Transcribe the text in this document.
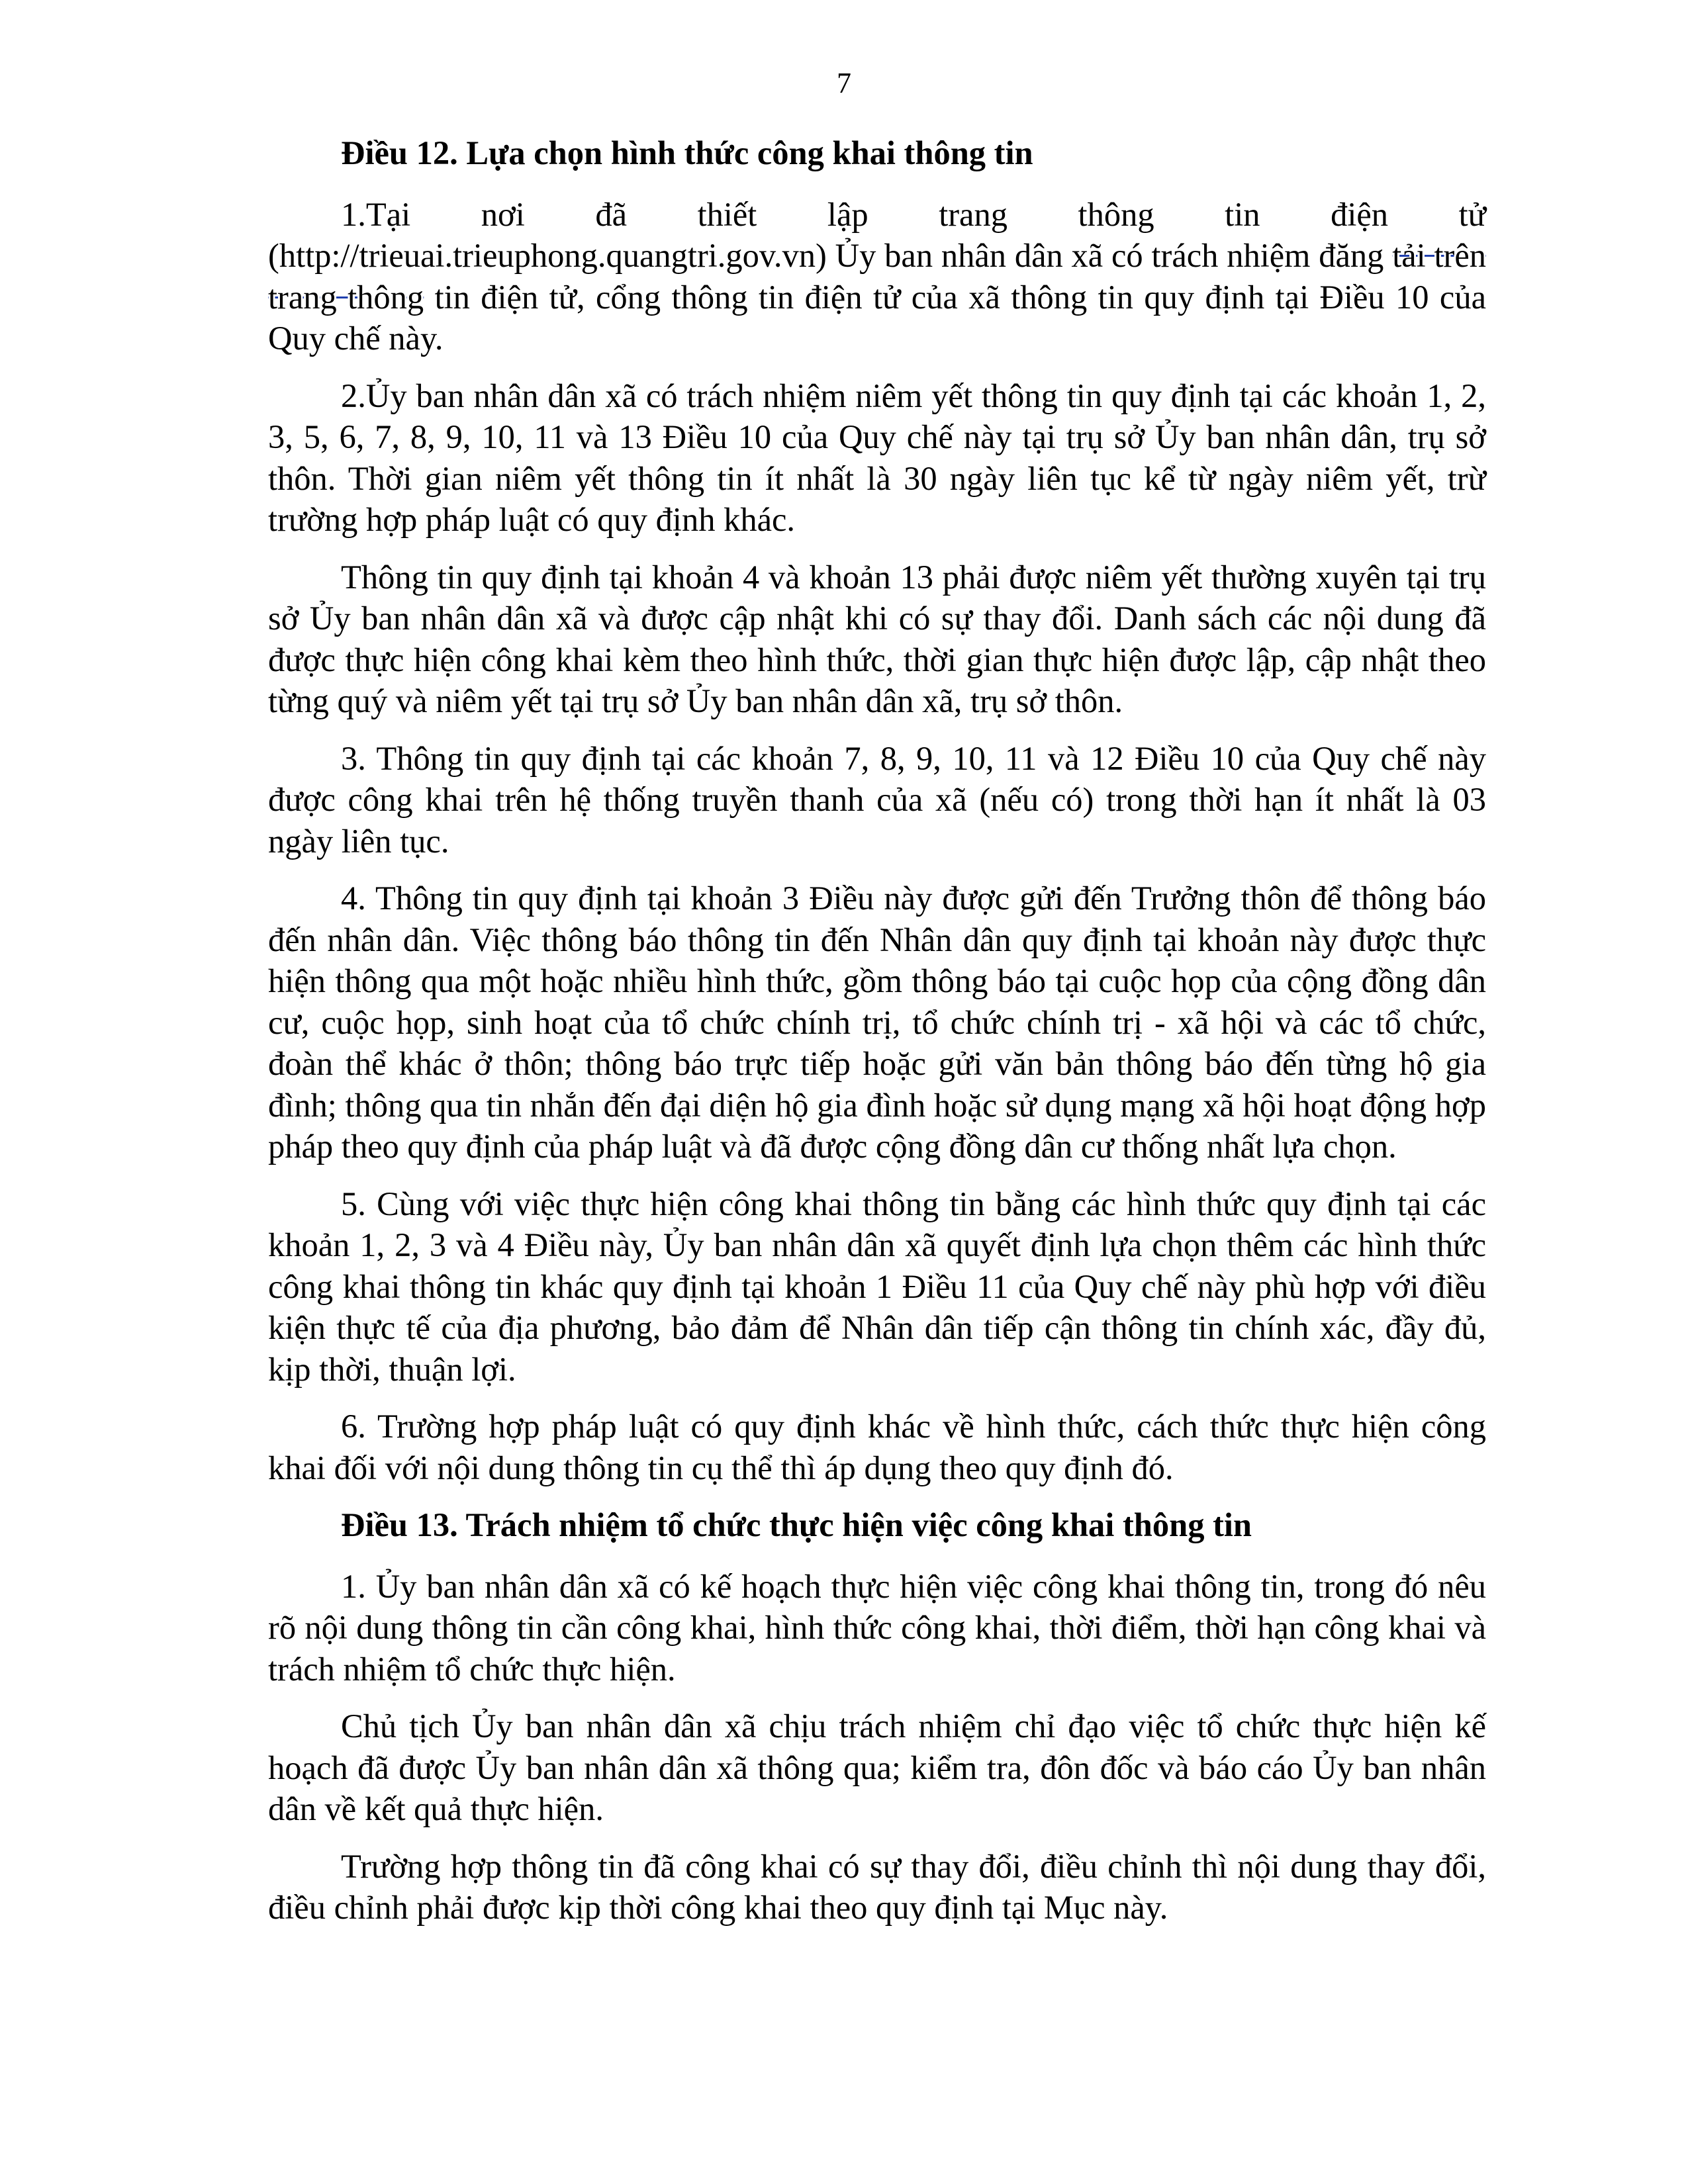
7
Điều 12. Lựa chọn hình thức công khai thông tin

1.Tại nơi đã thiết lập trang thông tin điện tử

(http://trieuai.trieuphong.quangtri.gov.vn) Ủy ban nhân dân xã có trách nhiệm đăng tải trên trang thông tin điện tử, cổng thông tin điện tử của xã thông tin quy định tại Điều 10 của Quy chế này.

2.Ủy ban nhân dân xã có trách nhiệm niêm yết thông tin quy định tại các khoản 1, 2, 3, 5, 6, 7, 8, 9, 10, 11 và 13 Điều 10 của Quy chế này tại trụ sở Ủy ban nhân dân, trụ sở thôn. Thời gian niêm yết thông tin ít nhất là 30 ngày liên tục kể từ ngày niêm yết, trừ trường hợp pháp luật có quy định khác.

Thông tin quy định tại khoản 4 và khoản 13 phải được niêm yết thường xuyên tại trụ sở Ủy ban nhân dân xã và được cập nhật khi có sự thay đổi. Danh sách các nội dung đã được thực hiện công khai kèm theo hình thức, thời gian thực hiện được lập, cập nhật theo từng quý và niêm yết tại trụ sở Ủy ban nhân dân xã, trụ sở thôn.

3. Thông tin quy định tại các khoản 7, 8, 9, 10, 11 và 12 Điều 10 của Quy chế này được công khai trên hệ thống truyền thanh của xã (nếu có) trong thời hạn ít nhất là 03 ngày liên tục.

4. Thông tin quy định tại khoản 3 Điều này được gửi đến Trưởng thôn để thông báo đến nhân dân. Việc thông báo thông tin đến Nhân dân quy định tại khoản này được thực hiện thông qua một hoặc nhiều hình thức, gồm thông báo tại cuộc họp của cộng đồng dân cư, cuộc họp, sinh hoạt của tổ chức chính trị, tổ chức chính trị - xã hội và các tổ chức, đoàn thể khác ở thôn; thông báo trực tiếp hoặc gửi văn bản thông báo đến từng hộ gia đình; thông qua tin nhắn đến đại diện hộ gia đình hoặc sử dụng mạng xã hội hoạt động hợp pháp theo quy định của pháp luật và đã được cộng đồng dân cư thống nhất lựa chọn.

5. Cùng với việc thực hiện công khai thông tin bằng các hình thức quy định tại các khoản 1, 2, 3 và 4 Điều này, Ủy ban nhân dân xã quyết định lựa chọn thêm các hình thức công khai thông tin khác quy định tại khoản 1 Điều 11 của Quy chế này phù hợp với điều kiện thực tế của địa phương, bảo đảm để Nhân dân tiếp cận thông tin chính xác, đầy đủ, kịp thời, thuận lợi.

6. Trường hợp pháp luật có quy định khác về hình thức, cách thức thực hiện công khai đối với nội dung thông tin cụ thể thì áp dụng theo quy định đó.

Điều 13. Trách nhiệm tổ chức thực hiện việc công khai thông tin

1. Ủy ban nhân dân xã có kế hoạch thực hiện việc công khai thông tin, trong đó nêu rõ nội dung thông tin cần công khai, hình thức công khai, thời điểm, thời hạn công khai và trách nhiệm tổ chức thực hiện.

Chủ tịch Ủy ban nhân dân xã chịu trách nhiệm chỉ đạo việc tổ chức thực hiện kế hoạch đã được Ủy ban nhân dân xã thông qua; kiểm tra, đôn đốc và báo cáo Ủy ban nhân dân về kết quả thực hiện.

Trường hợp thông tin đã công khai có sự thay đổi, điều chỉnh thì nội dung thay đổi, điều chỉnh phải được kịp thời công khai theo quy định tại Mục này.
